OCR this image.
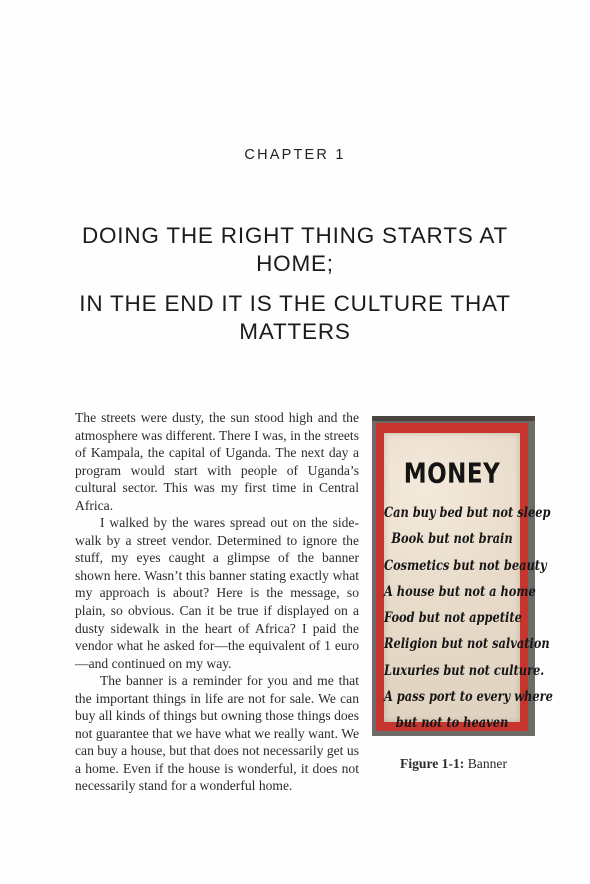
CHAPTER 1
DOING THE RIGHT THING STARTS AT HOME;
IN THE END IT IS THE CULTURE THAT MATTERS

The streets were dusty, the sun stood high and the atmosphere was different. There I was, in the streets of Kampala, the capital of Uganda. The next day a program would start with people of Uganda’s cultural sector. This was my first time in Central Africa.

I walked by the wares spread out on the sidewalk by a street vendor. Determined to ignore the stuff, my eyes caught a glimpse of the banner shown here. Wasn’t this banner stating exactly what my approach is about? Here is the message, so plain, so obvious. Can it be true if displayed on a dusty sidewalk in the heart of Africa? I paid the vendor what he asked for—the equivalent of 1 euro—and continued on my way.

The banner is a reminder for you and me that the important things in life are not for sale. We can buy all kinds of things but owning those things does not guarantee that we have what we really want. We can buy a house, but that does not necessarily get us a home. Even if the house is wonderful, it does not necessarily stand for a wonderful home.

MONEY
Can buy bed but not sleep
Book but not brain
Cosmetics but not beauty
A house but not a home
Food but not appetite
Religion but not salvation
Luxuries but not culture.
A pass port to every where
but not to heaven
Figure 1-1: Banner
